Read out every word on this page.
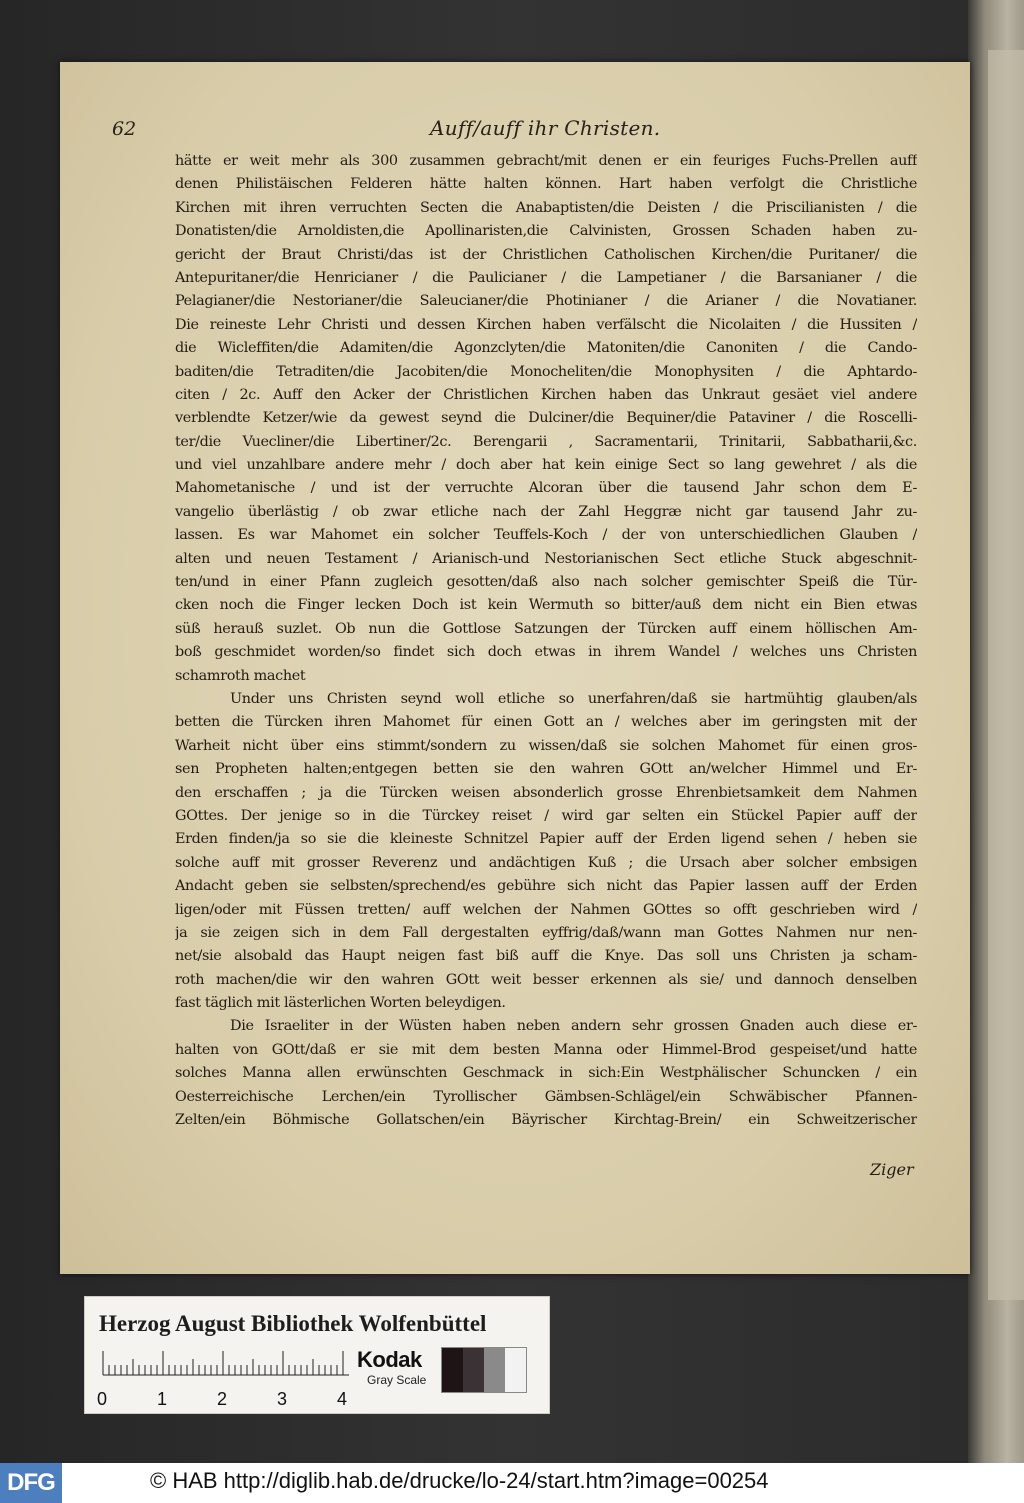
62	Auff/auff ihr Christen.
hätte er weit mehr als 300 zusammen gebracht/mit denen er ein feuriges Fuchs-Prellen auff
denen Philistäischen Felderen hätte halten können. Hart haben verfolgt die Christliche
Kirchen mit ihren verruchten Secten die Anabaptisten/die Deisten / die Priscilianisten / die
Donatisten/die Arnoldisten,die Apollinaristen,die Calvinisten, Grossen Schaden haben zu-
gericht der Braut Christi/das ist der Christlichen Catholischen Kirchen/die Puritaner/ die
Antepuritaner/die Henricianer / die Paulicianer / die Lampetianer / die Barsanianer / die
Pelagianer/die Nestorianer/die Saleucianer/die Photinianer / die Arianer / die Novatianer.
Die reineste Lehr Christi und dessen Kirchen haben verfälscht die Nicolaiten / die Hussiten /
die Wicleffiten/die Adamiten/die Agonzclyten/die Matoniten/die Canoniten / die Cando-
baditen/die Tetraditen/die Jacobiten/die Monocheliten/die Monophysiten / die Aphtardo-
citen / 2c. Auff den Acker der Christlichen Kirchen haben das Unkraut gesäet viel andere
verblendte Ketzer/wie da gewest seynd die Dulciner/die Bequiner/die Pataviner / die Roscelli-
ter/die Vuecliner/die Libertiner/2c. Berengarii , Sacramentarii, Trinitarii, Sabbatharii,&c.
und viel unzahlbare andere mehr / doch aber hat kein einige Sect so lang gewehret / als die
Mahometanische / und ist der verruchte Alcoran über die tausend Jahr schon dem E-
vangelio überlästig / ob zwar etliche nach der Zahl Heggræ nicht gar tausend Jahr zu-
lassen. Es war Mahomet ein solcher Teuffels-Koch / der von unterschiedlichen Glauben /
alten und neuen Testament / Arianisch-und Nestorianischen Sect etliche Stuck abgeschnit-
ten/und in einer Pfann zugleich gesotten/daß also nach solcher gemischter Speiß die Tür-
cken noch die Finger lecken Doch ist kein Wermuth so bitter/auß dem nicht ein Bien etwas
süß herauß suzlet. Ob nun die Gottlose Satzungen der Türcken auff einem höllischen Am-
boß geschmidet worden/so findet sich doch etwas in ihrem Wandel / welches uns Christen
schamroth machet
Under uns Christen seynd woll etliche so unerfahren/daß sie hartmühtig glauben/als
betten die Türcken ihren Mahomet für einen Gott an / welches aber im geringsten mit der
Warheit nicht über eins stimmt/sondern zu wissen/daß sie solchen Mahomet für einen gros-
sen Propheten halten;entgegen betten sie den wahren GOtt an/welcher Himmel und Er-
den erschaffen ; ja die Türcken weisen absonderlich grosse Ehrenbietsamkeit dem Nahmen
GOttes. Der jenige so in die Türckey reiset / wird gar selten ein Stückel Papier auff der
Erden finden/ja so sie die kleineste Schnitzel Papier auff der Erden ligend sehen / heben sie
solche auff mit grosser Reverenz und andächtigen Kuß ; die Ursach aber solcher embsigen
Andacht geben sie selbsten/sprechend/es gebühre sich nicht das Papier lassen auff der Erden
ligen/oder mit Füssen tretten/ auff welchen der Nahmen GOttes so offt geschrieben wird /
ja sie zeigen sich in dem Fall dergestalten eyffrig/daß/wann man Gottes Nahmen nur nen-
net/sie alsobald das Haupt neigen fast biß auff die Knye. Das soll uns Christen ja scham-
roth machen/die wir den wahren GOtt weit besser erkennen als sie/ und dannoch denselben
fast täglich mit lästerlichen Worten beleydigen.
Die Israeliter in der Wüsten haben neben andern sehr grossen Gnaden auch diese er-
halten von GOtt/daß er sie mit dem besten Manna oder Himmel-Brod gespeiset/und hatte
solches Manna allen erwünschten Geschmack in sich:Ein Westphälischer Schuncken / ein
Oesterreichische Lerchen/ein Tyrollischer Gämbsen-Schlägel/ein Schwäbischer Pfannen-
Zelten/ein Böhmische Gollatschen/ein Bäyrischer Kirchtag-Brein/ ein Schweitzerischer
Ziger
Herzog August Bibliothek Wolfenbüttel
0	1	2	3	4
Kodak
Gray Scale
DFG	© HAB http://diglib.hab.de/drucke/lo-24/start.htm?image=00254
